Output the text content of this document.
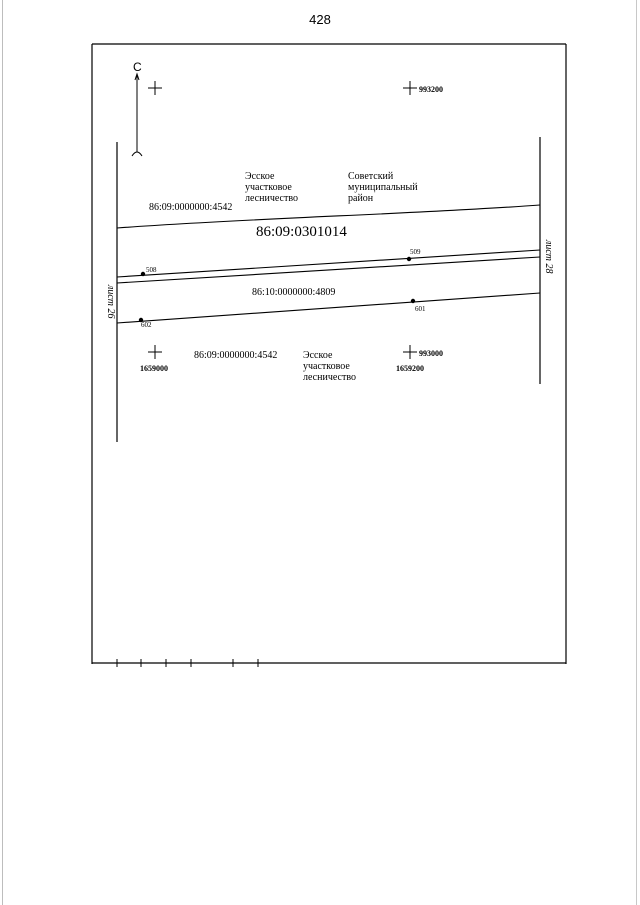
428
С
993200
993000
1659000	1659200
лист 26
лист 28
508
509
601
602
86:09:0000000:4542
86:09:0301014
86:10:0000000:4809
86:09:0000000:4542
Эсское
участковое
лесничество
Советский
муниципальный
район
Эсское
участковое
лесничество
